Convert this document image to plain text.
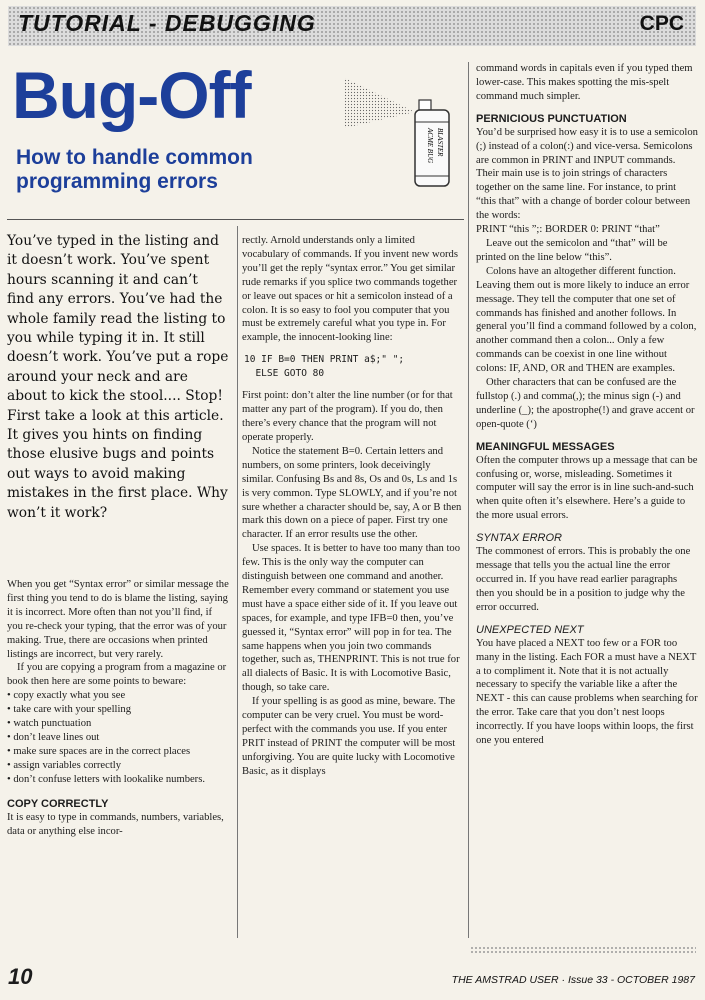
TUTORIAL - DEBUGGING	CPC
Bug-Off
How to handle common programming errors
ACME BUG BLASTER
You’ve typed in the listing and it doesn’t work. You’ve spent hours scanning it and can’t find any errors. You’ve had the whole family read the listing to you while typing it in. It still doesn’t work. You’ve put a rope around your neck and are about to kick the stool.... Stop! First take a look at this article. It gives you hints on finding those elusive bugs and points out ways to avoid making mistakes in the first place. Why won’t it work?

When you get “Syntax error” or similar message the first thing you tend to do is blame the listing, saying it is incorrect. More often than not you’ll find, if you re-check your typing, that the error was of your making. True, there are occasions when printed listings are incorrect, but very rarely.

If you are copying a program from a magazine or book then here are some points to beware:

• copy exactly what you see
• take care with your spelling
• watch punctuation
• don’t leave lines out
• make sure spaces are in the correct places
• assign variables correctly
• don’t confuse letters with lookalike numbers.

COPY CORRECTLY

It is easy to type in commands, numbers, variables, data or anything else incor-

rectly. Arnold understands only a limited vocabulary of commands. If you invent new words you’ll get the reply “syntax error.” You get similar rude remarks if you splice two commands together or leave out spaces or hit a semicolon instead of a colon. It is so easy to fool you computer that you must be extremely careful what you type in. For example, the innocent-looking line:

10 IF B=0 THEN PRINT a$;" ";
ELSE GOTO 80

First point: don’t alter the line number (or for that matter any part of the program). If you do, then there’s every chance that the program will not operate properly.

Notice the statement B=0. Certain letters and numbers, on some printers, look deceivingly similar. Confusing Bs and 8s, Os and 0s, Ls and 1s is very common. Type SLOWLY, and if you’re not sure whether a character should be, say, A or B then mark this down on a piece of paper. First try one character. If an error results use the other.

Use spaces. It is better to have too many than too few. This is the only way the computer can distinguish between one command and another. Remember every command or statement you use must have a space either side of it. If you leave out spaces, for example, and type IFB=0 then, you’ve guessed it, “Syntax error” will pop in for tea. The same happens when you join two commands together, such as, THENPRINT. This is not true for all dialects of Basic. It is with Locomotive Basic, though, so take care.

If your spelling is as good as mine, beware. The computer can be very cruel. You must be word-perfect with the commands you use. If you enter PRIT instead of PRINT the computer will be most unforgiving. You are quite lucky with Locomotive Basic, as it displays

command words in capitals even if you typed them lower-case. This makes spotting the mis-spelt command much simpler.

PERNICIOUS PUNCTUATION

You’d be surprised how easy it is to use a semicolon (;) instead of a colon(:) and vice-versa. Semicolons are common in PRINT and INPUT commands. Their main use is to join strings of characters together on the same line. For instance, to print “this that” with a change of border colour between the words:

PRINT “this ”;: BORDER 0: PRINT “that”

Leave out the semicolon and “that” will be printed on the line below “this”.

Colons have an altogether different function. Leaving them out is more likely to induce an error message. They tell the computer that one set of commands has finished and another follows. In general you’ll find a command followed by a colon, another command then a colon... Only a few commands can be coexist in one line without colons: IF, AND, OR and THEN are examples.

Other characters that can be confused are the fullstop (.) and comma(,); the minus sign (-) and underline (_); the apostrophe(!) and grave accent or open-quote (‘)

MEANINGFUL MESSAGES

Often the computer throws up a message that can be confusing or, worse, misleading. Sometimes it computer will say the error is in line such-and-such when quite often it’s elsewhere. Here’s a guide to the more usual errors.

SYNTAX ERROR

The commonest of errors. This is probably the one message that tells you the actual line the error occurred in. If you have read earlier paragraphs then you should be in a position to judge why the error occurred.

UNEXPECTED NEXT

You have placed a NEXT too few or a FOR too many in the listing. Each FOR a must have a NEXT a to compliment it. Note that it is not actually necessary to specify the variable like a after the NEXT - this can cause problems when searching for the error. Take care that you don’t nest loops incorrectly. If you have loops within loops, the first one you entered

10	THE AMSTRAD USER · Issue 33 - OCTOBER 1987
